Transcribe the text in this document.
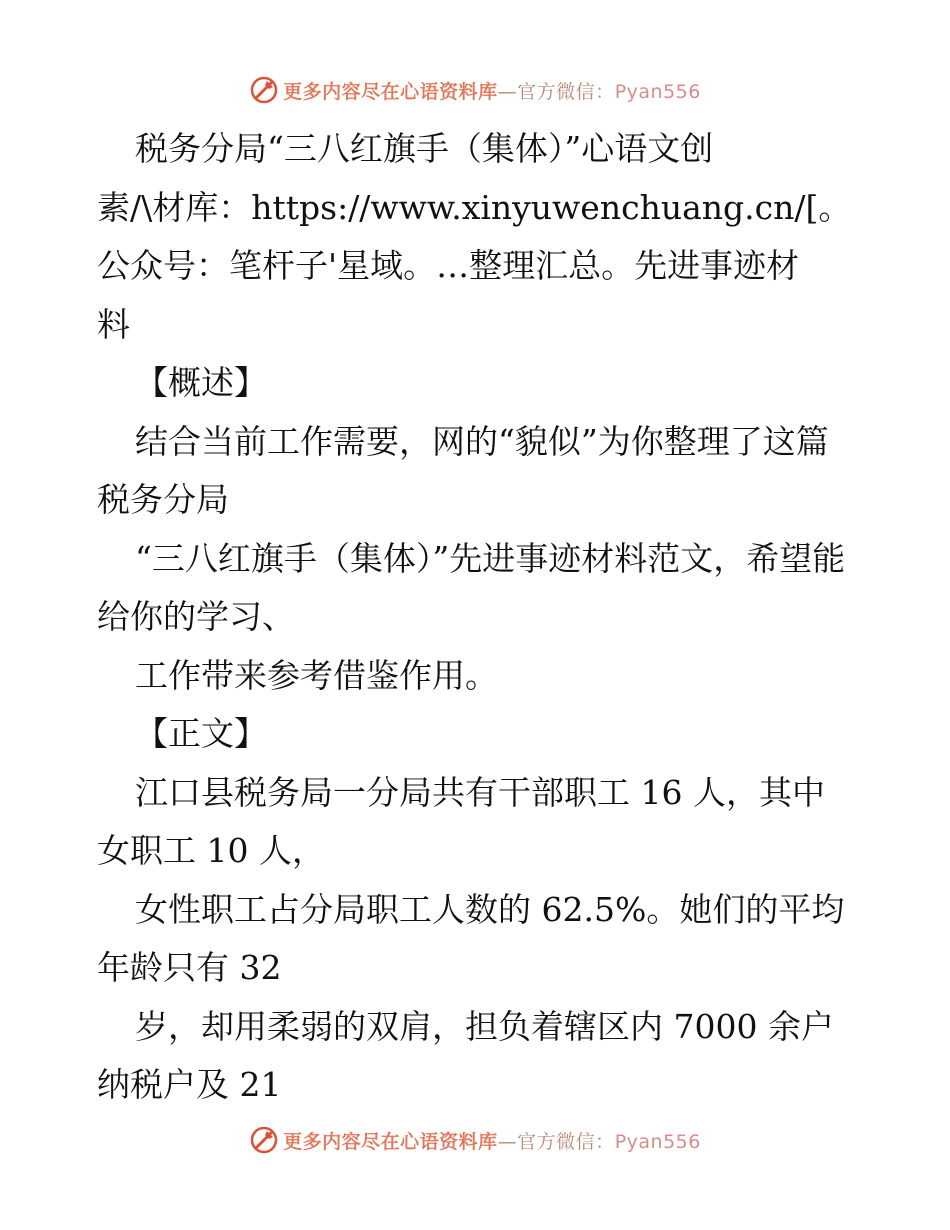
更多内容尽在心语资料库—官方微信：Pyan556

税务分局“三八红旗手（集体）”心语文创

素/\材库：https://www.xinyuwenchuang.cn/[。

公众号：笔杆子'星域。…整理汇总。先进事迹材

料

【概述】

结合当前工作需要，网的“貌似”为你整理了这篇税务分局

“三八红旗手（集体）”先进事迹材料范文，希望能给你的学习、

工作带来参考借鉴作用。

【正文】

江口县税务局一分局共有干部职工 16 人，其中女职工 10 人，

女性职工占分局职工人数的 62.5%。她们的平均年龄只有 32

岁，却用柔弱的双肩，担负着辖区内 7000 余户纳税户及 21

更多内容尽在心语资料库—官方微信：Pyan556
